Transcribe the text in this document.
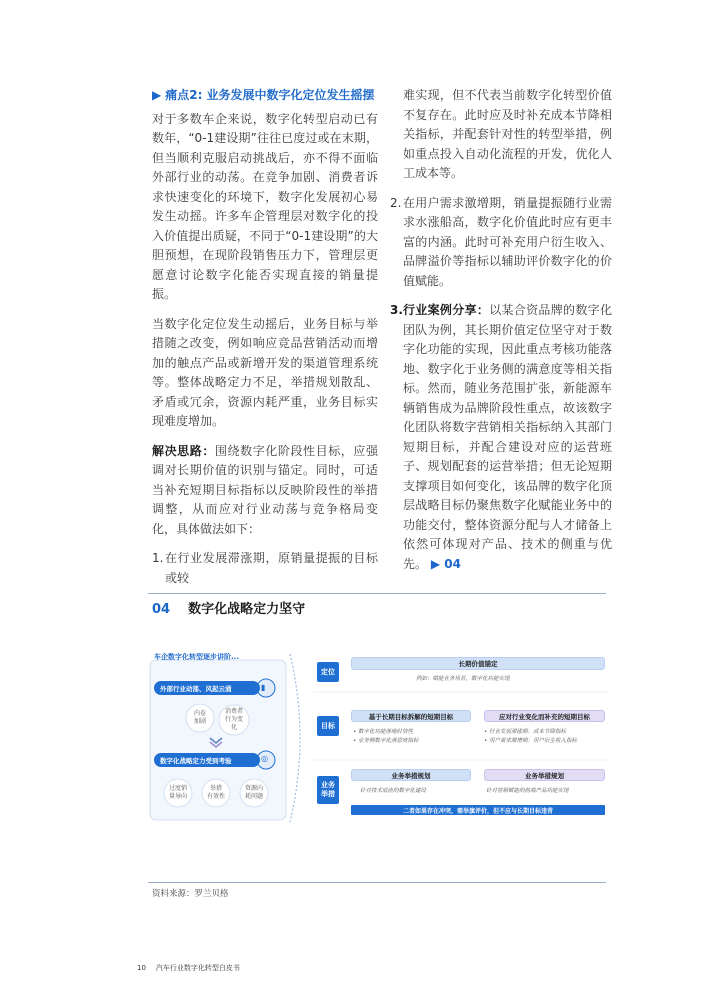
▶ 痛点2: 业务发展中数字化定位发生摇摆

对于多数车企来说，数字化转型启动已有数年，“0-1建设期”往往已度过或在末期，但当顺利克服启动挑战后，亦不得不面临外部行业的动荡。在竞争加剧、消费者诉求快速变化的环境下，数字化发展初心易发生动摇。许多车企管理层对数字化的投入价值提出质疑，不同于“0-1建设期”的大胆预想，在现阶段销售压力下，管理层更愿意讨论数字化能否实现直接的销量提振。

当数字化定位发生动摇后，业务目标与举措随之改变，例如响应竞品营销活动而增加的触点产品或新增开发的渠道管理系统等。整体战略定力不足，举措规划散乱、矛盾或冗余，资源内耗严重，业务目标实现难度增加。

解决思路：围绕数字化阶段性目标，应强调对长期价值的识别与锚定。同时，可适当补充短期目标指标以反映阶段性的举措调整，从而应对行业动荡与竞争格局变化，具体做法如下：

1. 在行业发展滞涨期，原销量提振的目标或较

难实现，但不代表当前数字化转型价值不复存在。此时应及时补充成本节降相关指标，并配套针对性的转型举措，例如重点投入自动化流程的开发，优化人工成本等。

2. 在用户需求激增期，销量提振随行业需求水涨船高，数字化价值此时应有更丰富的内涵。此时可补充用户衍生收入、品牌溢价等指标以辅助评价数字化的价值赋能。
3. 行业案例分享：以某合资品牌的数字化团队为例，其长期价值定位坚守对于数字化功能的实现，因此重点考核功能落地、数字化于业务侧的满意度等相关指标。然而，随业务范围扩张，新能源车辆销售成为品牌阶段性重点，故该数字化团队将数字营销相关指标纳入其部门短期目标，并配合建设对应的运营班子、规划配套的运营举措；但无论短期支撑项目如何变化，该品牌的数字化顶层战略目标仍聚焦数字化赋能业务中的功能交付，整体资源分配与人才储备上依然可体现对产品、技术的侧重与优先。 ▶ 04
04 数字化战略定力坚守
车企数字化转型逐步讲阶...
外部行业动荡、风起云涌	▮
内卷
加剧
消费者
行为变
化
数字化战略定力受到考验	◎
过度销
量导向
举措
有效性
资源内
耗问题
定位
目标
业务
举措
长期价值锚定
例如：赋能业务场景，数字化功能实现
基于长期目标拆解的短期目标	应对行业变化而补充的短期目标
• 数字化功能落地时效性
• 业务侧数字化满意度指标
• 行业发展滞涨期：成本节降指标
• 用户需求激增期：用户衍生收入指标
业务举措规划	业务举措规划
针对技术底座的数字化建设	针对营销赋能的前端产品功能实现
二者如果存在冲突，需举旗评价，但不应与长期目标违背
资料来源：罗兰贝格
10 汽车行业数字化转型白皮书
